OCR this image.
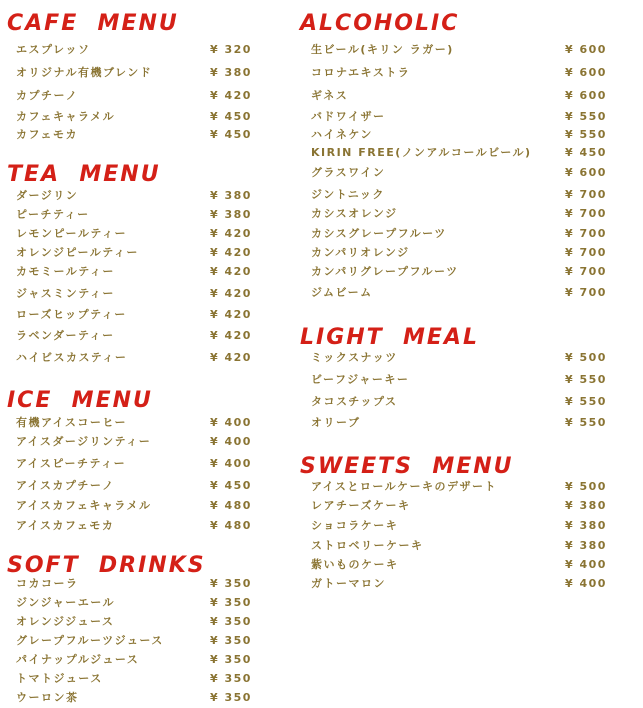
CAFE  MENU
エスプレッソ	¥ 320
オリジナル有機ブレンド	¥ 380
カプチーノ	¥ 420
カフェキャラメル	¥ 450
カフェモカ	¥ 450
TEA  MENU
ダージリン	¥ 380
ピーチティー	¥ 380
レモンピールティー	¥ 420
オレンジピールティー	¥ 420
カモミールティー	¥ 420
ジャスミンティー	¥ 420
ローズヒップティー	¥ 420
ラベンダーティー	¥ 420
ハイビスカスティー	¥ 420
ICE  MENU
有機アイスコーヒー	¥ 400
アイスダージリンティー	¥ 400
アイスピーチティー	¥ 400
アイスカプチーノ	¥ 450
アイスカフェキャラメル	¥ 480
アイスカフェモカ	¥ 480
SOFT  DRINKS
コカコーラ	¥ 350
ジンジャーエール	¥ 350
オレンジジュース	¥ 350
グレープフルーツジュース	¥ 350
パイナップルジュース	¥ 350
トマトジュース	¥ 350
ウーロン茶	¥ 350
ALCOHOLIC
生ビール(キリン ラガー)	¥ 600
コロナエキストラ	¥ 600
ギネス	¥ 600
バドワイザー	¥ 550
ハイネケン	¥ 550
KIRIN FREE(ノンアルコールビール)	¥ 450
グラスワイン	¥ 600
ジントニック	¥ 700
カシスオレンジ	¥ 700
カシスグレープフルーツ	¥ 700
カンパリオレンジ	¥ 700
カンパリグレープフルーツ	¥ 700
ジムビーム	¥ 700
LIGHT  MEAL
ミックスナッツ	¥ 500
ビーフジャーキー	¥ 550
タコスチップス	¥ 550
オリーブ	¥ 550
SWEETS  MENU
アイスとロールケーキのデザート	¥ 500
レアチーズケーキ	¥ 380
ショコラケーキ	¥ 380
ストロベリーケーキ	¥ 380
紫いものケーキ	¥ 400
ガトーマロン	¥ 400
